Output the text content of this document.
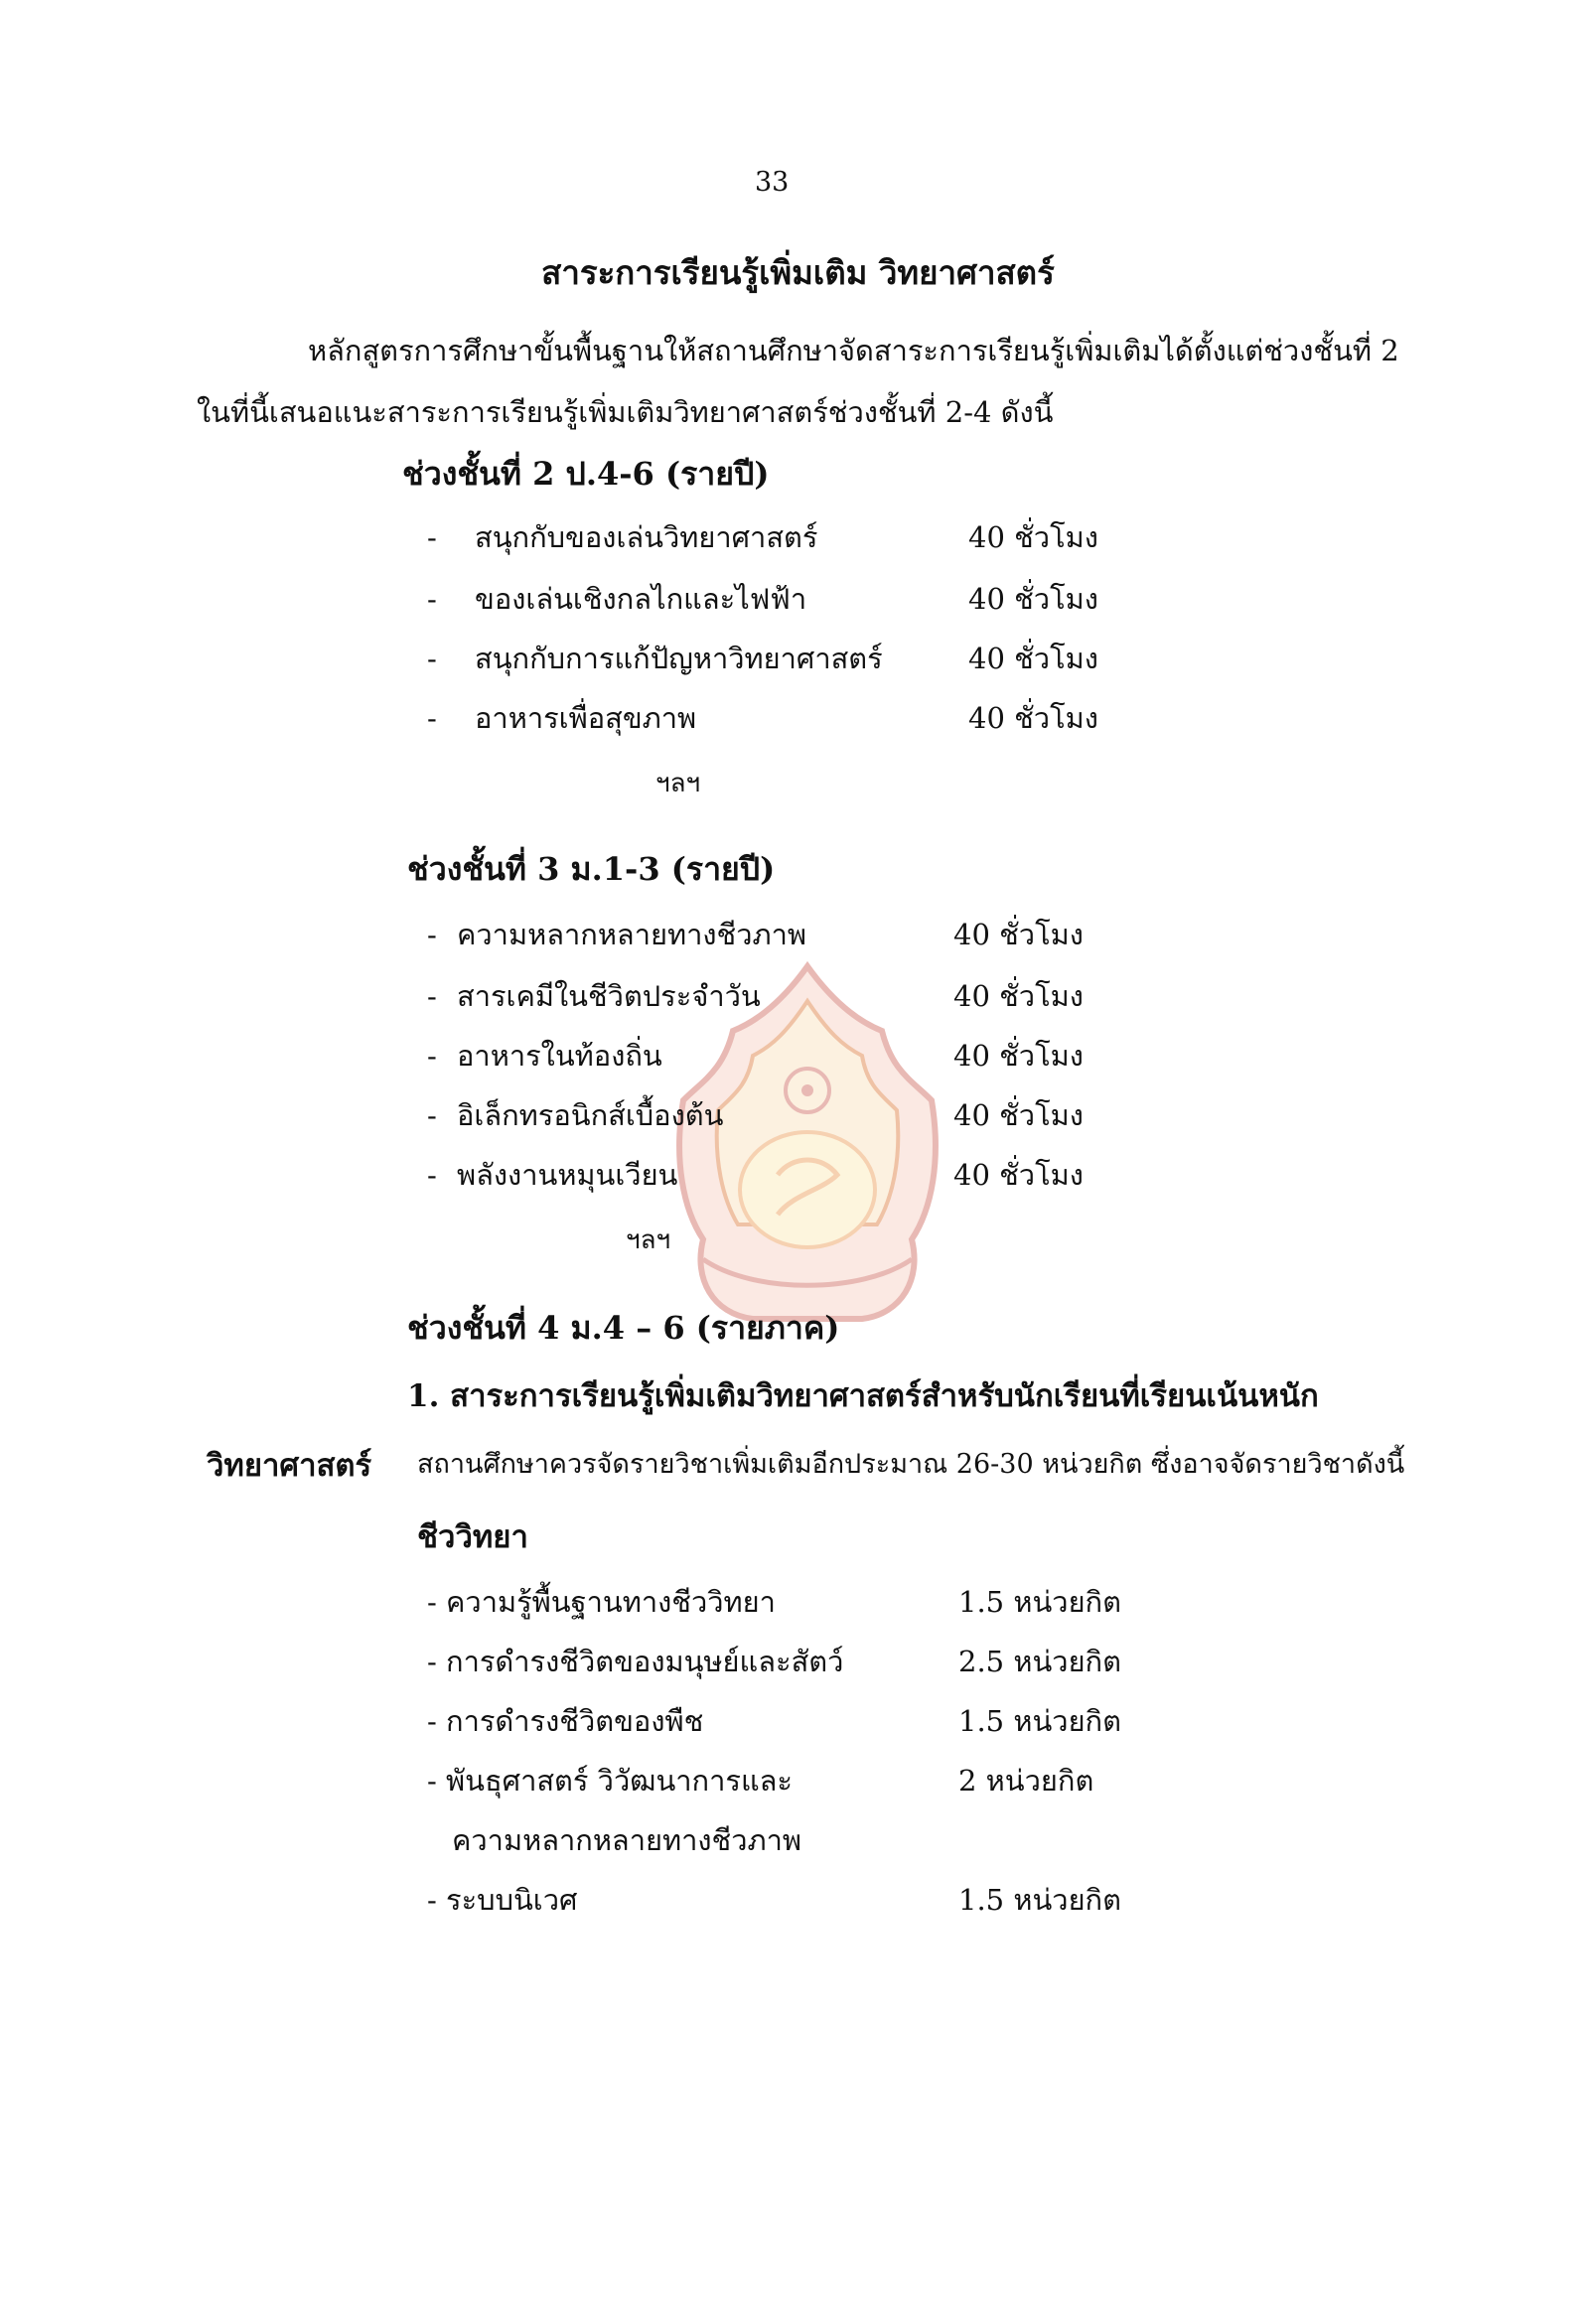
33
สาระการเรียนรู้เพิ่มเติม วิทยาศาสตร์
หลักสูตรการศึกษาขั้นพื้นฐานให้สถานศึกษาจัดสาระการเรียนรู้เพิ่มเติมได้ตั้งแต่ช่วงชั้นที่ 2
ในที่นี้เสนอแนะสาระการเรียนรู้เพิ่มเติมวิทยาศาสตร์ช่วงชั้นที่ 2-4 ดังนี้
ช่วงชั้นที่ 2 ป.4-6 (รายปี)
- สนุกกับของเล่นวิทยาศาสตร์	40 ชั่วโมง
- ของเล่นเชิงกลไกและไฟฟ้า	40 ชั่วโมง
- สนุกกับการแก้ปัญหาวิทยาศาสตร์	40 ชั่วโมง
- อาหารเพื่อสุขภาพ	40 ชั่วโมง
ฯลฯ
ช่วงชั้นที่ 3 ม.1-3 (รายปี)
- ความหลากหลายทางชีวภาพ	40 ชั่วโมง
- สารเคมีในชีวิตประจำวัน	40 ชั่วโมง
- อาหารในท้องถิ่น	40 ชั่วโมง
- อิเล็กทรอนิกส์เบื้องต้น	40 ชั่วโมง
- พลังงานหมุนเวียน	40 ชั่วโมง
ฯลฯ
ช่วงชั้นที่ 4 ม.4 – 6 (รายภาค)
1. สาระการเรียนรู้เพิ่มเติมวิทยาศาสตร์สำหรับนักเรียนที่เรียนเน้นหนัก
วิทยาศาสตร์ สถานศึกษาควรจัดรายวิชาเพิ่มเติมอีกประมาณ 26-30 หน่วยกิต ซึ่งอาจจัดรายวิชาดังนี้
ชีววิทยา
- ความรู้พื้นฐานทางชีววิทยา	1.5 หน่วยกิต
- การดำรงชีวิตของมนุษย์และสัตว์	2.5 หน่วยกิต
- การดำรงชีวิตของพืช	1.5 หน่วยกิต
- พันธุศาสตร์ วิวัฒนาการและ	2 หน่วยกิต
ความหลากหลายทางชีวภาพ
- ระบบนิเวศ	1.5 หน่วยกิต
